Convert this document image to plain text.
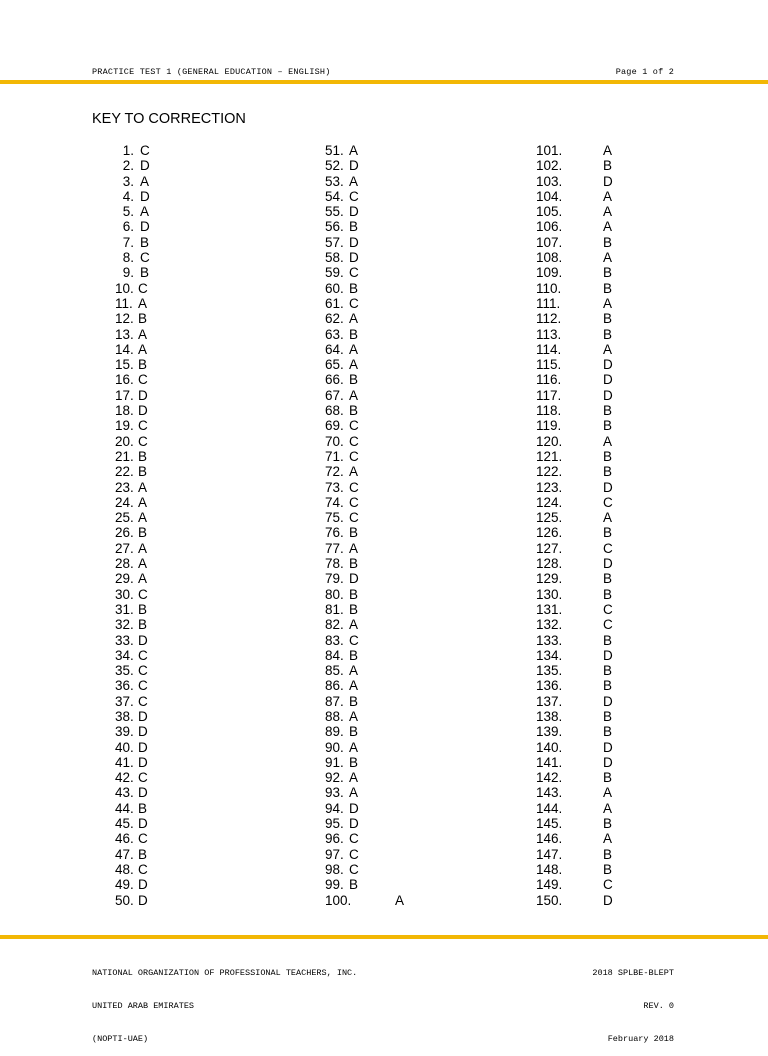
PRACTICE TEST 1 (GENERAL EDUCATION – ENGLISH)	Page 1 of 2
KEY TO CORRECTION
1. C
2. D
3. A
4. D
5. A
6. D
7. B
8. C
9. B
10. C
11. A
12. B
13. A
14. A
15. B
16. C
17. D
18. D
19. C
20. C
21. B
22. B
23. A
24. A
25. A
26. B
27. A
28. A
29. A
30. C
31. B
32. B
33. D
34. C
35. C
36. C
37. C
38. D
39. D
40. D
41. D
42. C
43. D
44. B
45. D
46. C
47. B
48. C
49. D
50. D
51. A
52. D
53. A
54. C
55. D
56. B
57. D
58. D
59. C
60. B
61. C
62. A
63. B
64. A
65. A
66. B
67. A
68. B
69. C
70. C
71. C
72. A
73. C
74. C
75. C
76. B
77. A
78. B
79. D
80. B
81. B
82. A
83. C
84. B
85. A
86. A
87. B
88. A
89. B
90. A
91. B
92. A
93. A
94. D
95. D
96. C
97. C
98. C
99. B
100.	A
101.	A
102.	B
103.	D
104.	A
105.	A
106.	A
107.	B
108.	A
109.	B
110.	B
111.	A
112.	B
113.	B
114.	A
115.	D
116.	D
117.	D
118.	B
119.	B
120.	A
121.	B
122.	B
123.	D
124.	C
125.	A
126.	B
127.	C
128.	D
129.	B
130.	B
131.	C
132.	C
133.	B
134.	D
135.	B
136.	B
137.	D
138.	B
139.	B
140.	D
141.	D
142.	B
143.	A
144.	A
145.	B
146.	A
147.	B
148.	B
149.	C
150.	D

NATIONAL ORGANIZATION OF PROFESSIONAL TEACHERS, INC.

UNITED ARAB EMIRATES

(NOPTI-UAE)

2018 SPLBE-BLEPT

REV. 0

February 2018
